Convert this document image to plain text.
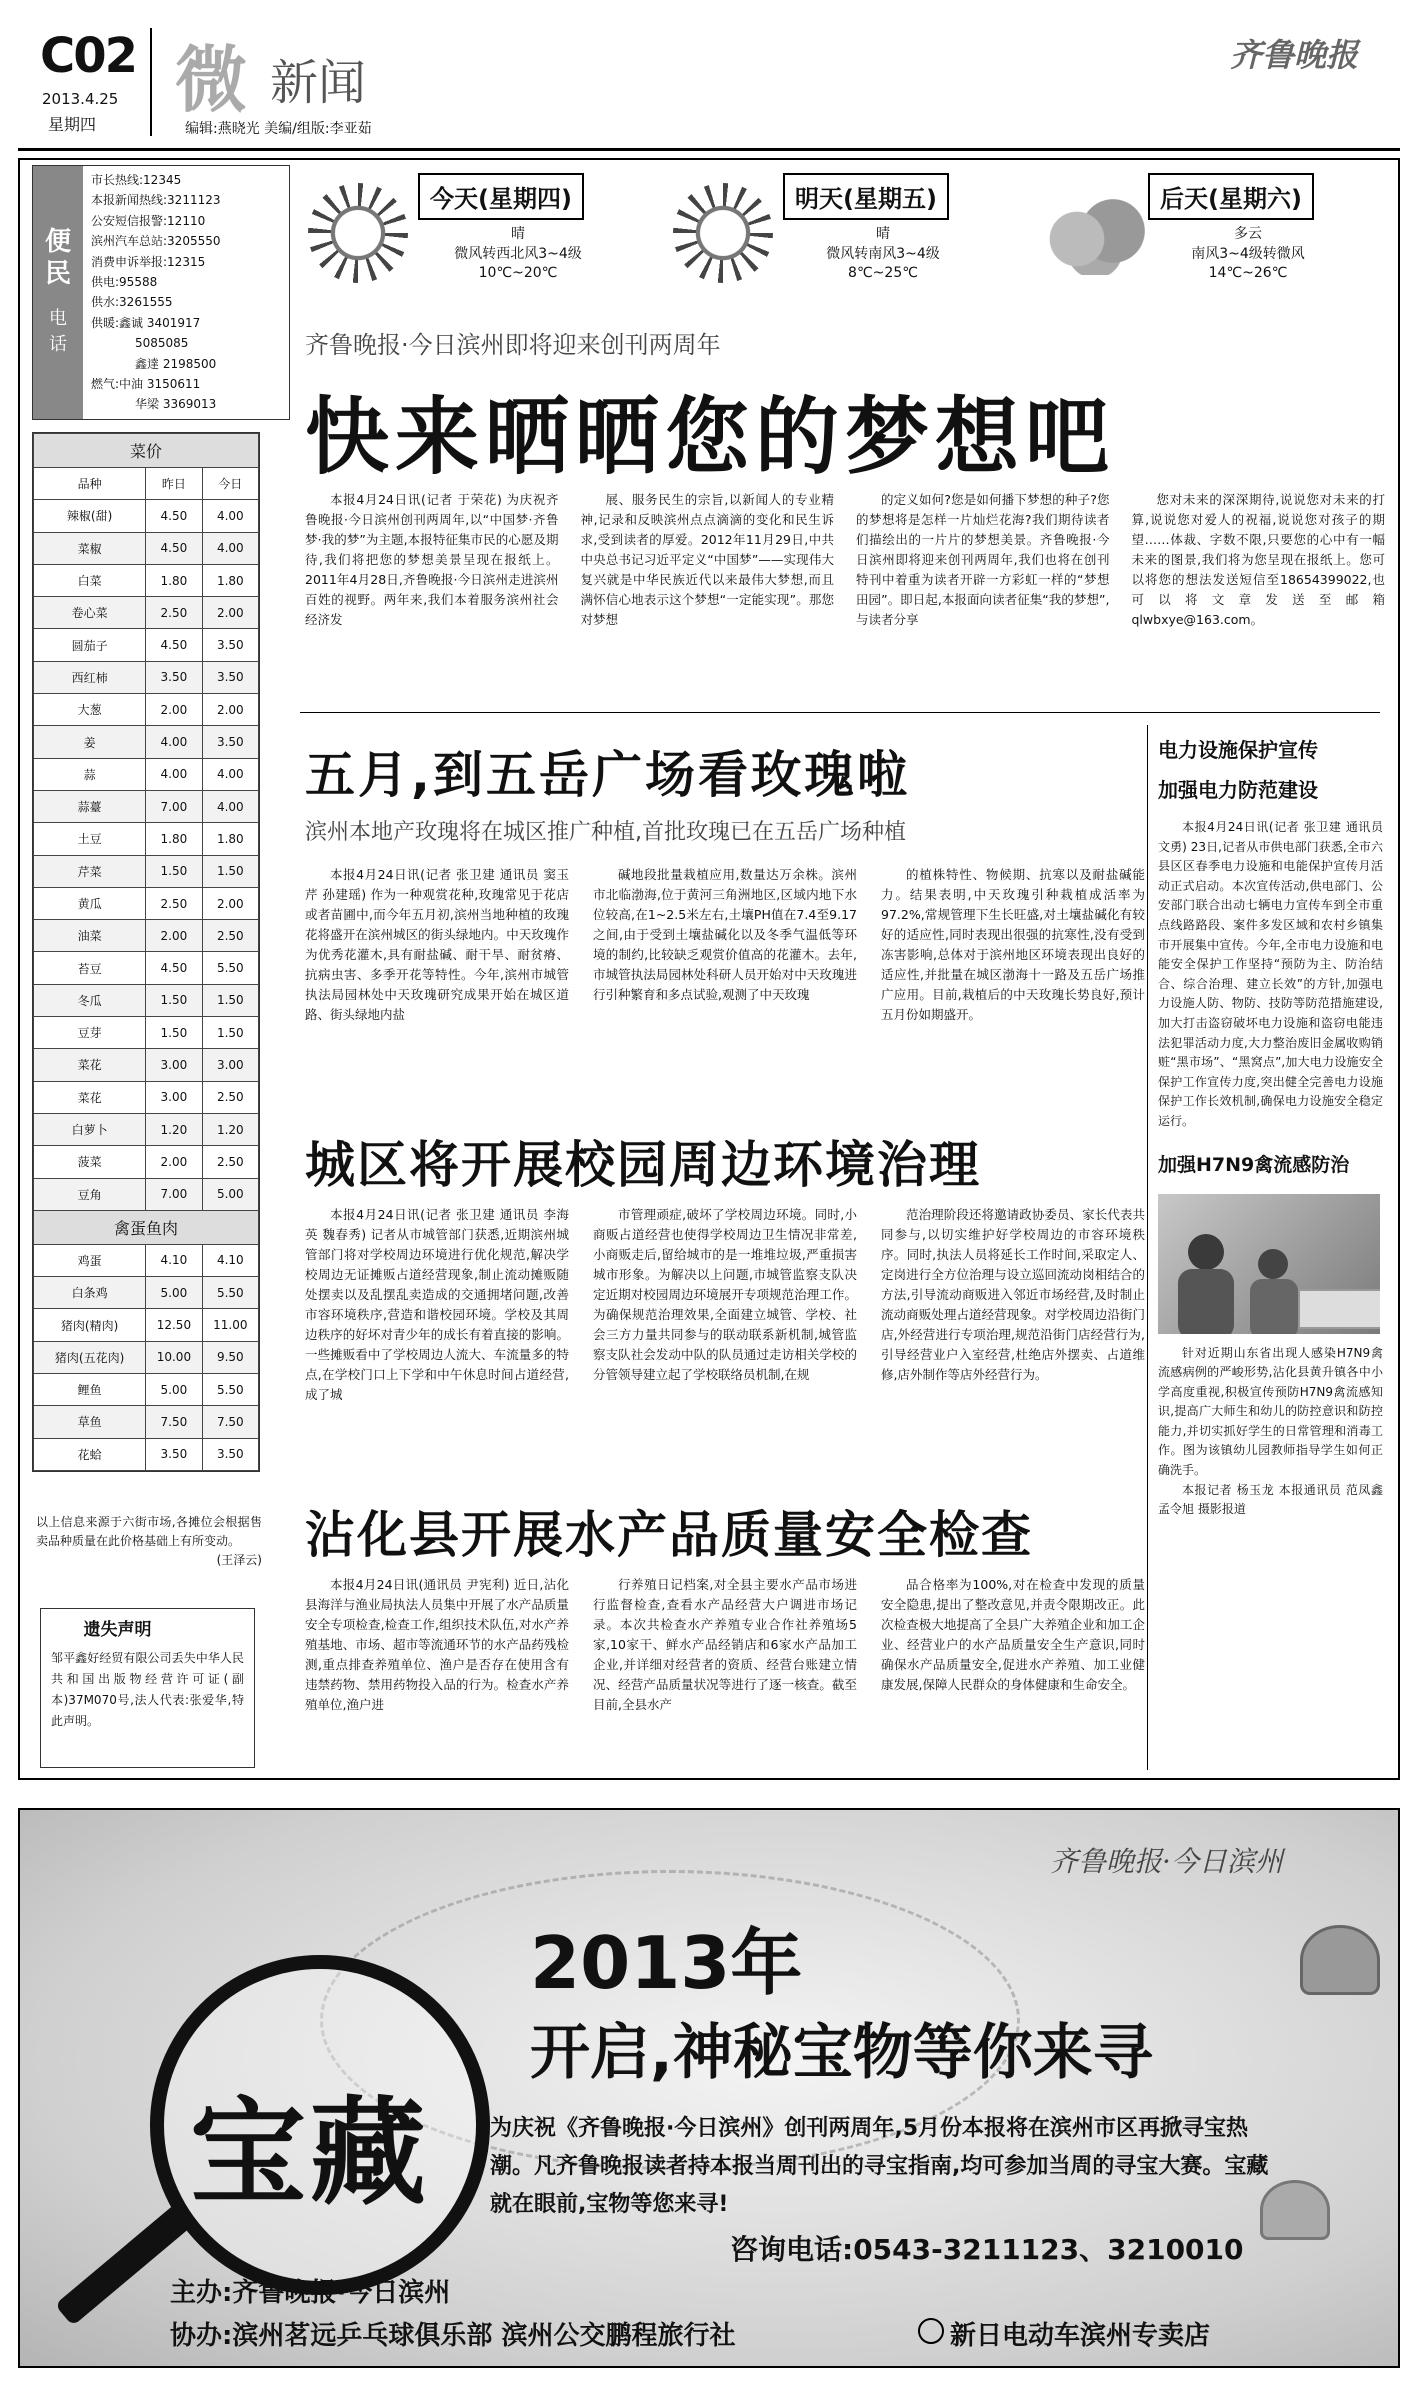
C02
2013.4.25
星期四
微 新闻
编辑:燕晓光 美编/组版:李亚茹
齐鲁晚报
便民
电话
市长热线:12345
本报新闻热线:3211123
公安短信报警:12110
滨州汽车总站:3205550
消费申诉举报:12315
供电:95588
供水:3261555
供暖:鑫诚 3401917
5085085
鑫達 2198500
燃气:中油 3150611
华梁 3369013
今天(星期四)
晴
微风转西北风3~4级
10℃~20℃
明天(星期五)
晴
微风转南风3~4级
8℃~25℃
后天(星期六)
多云
南风3~4级转微风
14℃~26℃
菜价		
品种	昨日	今日
辣椒(甜)	4.50	4.00
菜椒	4.50	4.00
白菜	1.80	1.80
卷心菜	2.50	2.00
圆茄子	4.50	3.50
西红柿	3.50	3.50
大葱	2.00	2.00
姜	4.00	3.50
蒜	4.00	4.00
蒜薹	7.00	4.00
土豆	1.80	1.80
芹菜	1.50	1.50
黄瓜	2.50	2.00
油菜	2.00	2.50
苔豆	4.50	5.50
冬瓜	1.50	1.50
豆芽	1.50	1.50
菜花	3.00	3.00
菜花	3.00	2.50
白萝卜	1.20	1.20
菠菜	2.00	2.50
豆角	7.00	5.00
禽蛋鱼肉		
鸡蛋	4.10	4.10
白条鸡	5.00	5.50
猪肉(精肉)	12.50	11.00
猪肉(五花肉)	10.00	9.50
鲤鱼	5.00	5.50
草鱼	7.50	7.50
花蛤	3.50	3.50
以上信息来源于六街市场,各摊位会根据售卖品种质量在此价格基础上有所变动。
(王泽云)
遗失声明
邹平鑫好经贸有限公司丢失中华人民共和国出版物经营许可证(副本)37M070号,法人代表:张爱华,特此声明。
齐鲁晚报·今日滨州即将迎来创刊两周年
快来晒晒您的梦想吧

本报4月24日讯(记者 于荣花) 为庆祝齐鲁晚报·今日滨州创刊两周年,以“中国梦·齐鲁梦·我的梦”为主题,本报特征集市民的心愿及期待,我们将把您的梦想美景呈现在报纸上。2011年4月28日,齐鲁晚报·今日滨州走进滨州百姓的视野。两年来,我们本着服务滨州社会经济发

展、服务民生的宗旨,以新闻人的专业精神,记录和反映滨州点点滴滴的变化和民生诉求,受到读者的厚爱。2012年11月29日,中共中央总书记习近平定义“中国梦”——实现伟大复兴就是中华民族近代以来最伟大梦想,而且满怀信心地表示这个梦想“一定能实现”。那您对梦想

的定义如何?您是如何播下梦想的种子?您的梦想将是怎样一片灿烂花海?我们期待读者们描绘出的一片片的梦想美景。齐鲁晚报·今日滨州即将迎来创刊两周年,我们也将在创刊特刊中着重为读者开辟一方彩虹一样的“梦想田园”。即日起,本报面向读者征集“我的梦想”,与读者分享

您对未来的深深期待,说说您对未来的打算,说说您对爱人的祝福,说说您对孩子的期望……体裁、字数不限,只要您的心中有一幅未来的图景,我们将为您呈现在报纸上。您可以将您的想法发送短信至18654399022,也可以将文章发送至邮箱qlwbxye@163.com。

五月,到五岳广场看玫瑰啦
滨州本地产玫瑰将在城区推广种植,首批玫瑰已在五岳广场种植

本报4月24日讯(记者 张卫建 通讯员 窦玉芹 孙建瑶) 作为一种观赏花种,玫瑰常见于花店或者苗圃中,而今年五月初,滨州当地种植的玫瑰花将盛开在滨州城区的街头绿地内。中天玫瑰作为优秀花灌木,具有耐盐碱、耐干旱、耐贫瘠、抗病虫害、多季开花等特性。今年,滨州市城管执法局园林处中天玫瑰研究成果开始在城区道路、街头绿地内盐

碱地段批量栽植应用,数量达万余株。滨州市北临渤海,位于黄河三角洲地区,区域内地下水位较高,在1~2.5米左右,土壤PH值在7.4至9.17之间,由于受到土壤盐碱化以及冬季气温低等环境的制约,比较缺乏观赏价值高的花灌木。去年,市城管执法局园林处科研人员开始对中天玫瑰进行引种繁育和多点试验,观测了中天玫瑰

的植株特性、物候期、抗寒以及耐盐碱能力。结果表明,中天玫瑰引种栽植成活率为97.2%,常规管理下生长旺盛,对土壤盐碱化有较好的适应性,同时表现出很强的抗寒性,没有受到冻害影响,总体对于滨州地区环境表现出良好的适应性,并批量在城区渤海十一路及五岳广场推广应用。目前,栽植后的中天玫瑰长势良好,预计五月份如期盛开。

城区将开展校园周边环境治理

本报4月24日讯(记者 张卫建 通讯员 李海英 魏春秀) 记者从市城管部门获悉,近期滨州城管部门将对学校周边环境进行优化规范,解决学校周边无证摊贩占道经营现象,制止流动摊贩随处摆卖以及乱摆乱卖造成的交通拥堵问题,改善市容环境秩序,营造和谐校园环境。学校及其周边秩序的好坏对青少年的成长有着直接的影响。一些摊贩看中了学校周边人流大、车流量多的特点,在学校门口上下学和中午休息时间占道经营,成了城

市管理顽症,破坏了学校周边环境。同时,小商贩占道经营也使得学校周边卫生情况非常差,小商贩走后,留给城市的是一堆堆垃圾,严重损害城市形象。为解决以上问题,市城管监察支队决定近期对校园周边环境展开专项规范治理工作。为确保规范治理效果,全面建立城管、学校、社会三方力量共同参与的联动联系新机制,城管监察支队社会发动中队的队员通过走访相关学校的分管领导建立起了学校联络员机制,在规

范治理阶段还将邀请政协委员、家长代表共同参与,以切实维护好学校周边的市容环境秩序。同时,执法人员将延长工作时间,采取定人、定岗进行全方位治理与设立巡回流动岗相结合的方法,引导流动商贩进入邻近市场经营,及时制止流动商贩处理占道经营现象。对学校周边沿街门店,外经营进行专项治理,规范沿街门店经营行为,引导经营业户入室经营,杜绝店外摆卖、占道维修,店外制作等店外经营行为。

沾化县开展水产品质量安全检查

本报4月24日讯(通讯员 尹宪利) 近日,沾化县海洋与渔业局执法人员集中开展了水产品质量安全专项检查,检查工作,组织技术队伍,对水产养殖基地、市场、超市等流通环节的水产品药残检测,重点排查养殖单位、渔户是否存在使用含有违禁药物、禁用药物投入品的行为。检查水产养殖单位,渔户进

行养殖日记档案,对全县主要水产品市场进行监督检查,查看水产品经营大户调进市场记录。本次共检查水产养殖专业合作社养殖场5家,10家干、鲜水产品经销店和6家水产品加工企业,并详细对经营者的资质、经营台账建立情况、经营产品质量状况等进行了逐一核查。截至目前,全县水产

品合格率为100%,对在检查中发现的质量安全隐患,提出了整改意见,并责令限期改正。此次检查极大地提高了全县广大养殖企业和加工企业、经营业户的水产品质量安全生产意识,同时确保水产品质量安全,促进水产养殖、加工业健康发展,保障人民群众的身体健康和生命安全。

电力设施保护宣传
加强电力防范建设

本报4月24日讯(记者 张卫建 通讯员 文勇) 23日,记者从市供电部门获悉,全市六县区区春季电力设施和电能保护宣传月活动正式启动。本次宣传活动,供电部门、公安部门联合出动七辆电力宣传车到全市重点线路路段、案件多发区域和农村乡镇集市开展集中宣传。今年,全市电力设施和电能安全保护工作坚持“预防为主、防治结合、综合治理、建立长效”的方针,加强电力设施人防、物防、技防等防范措施建设,加大打击盗窃破坏电力设施和盗窃电能违法犯罪活动力度,大力整治废旧金属收购销赃“黑市场”、“黑窝点”,加大电力设施安全保护工作宣传力度,突出健全完善电力设施保护工作长效机制,确保电力设施安全稳定运行。

加强H7N9禽流感防治

针对近期山东省出现人感染H7N9禽流感病例的严峻形势,沾化县黄升镇各中小学高度重视,积极宣传预防H7N9禽流感知识,提高广大师生和幼儿的防控意识和防控能力,并切实抓好学生的日常管理和消毒工作。图为该镇幼儿园教师指导学生如何正确洗手。

本报记者 杨玉龙 本报通讯员 范凤鑫 孟令旭 摄影报道

齐鲁晚报·今日滨州
宝藏
2013年
开启,神秘宝物等你来寻
为庆祝《齐鲁晚报·今日滨州》创刊两周年,5月份本报将在滨州市区再掀寻宝热潮。凡齐鲁晚报读者持本报当周刊出的寻宝指南,均可参加当周的寻宝大赛。宝藏就在眼前,宝物等您来寻!
咨询电话:0543-3211123、3210010
主办:齐鲁晚报·今日滨州
协办:滨州茗远乒乓球俱乐部 滨州公交鹏程旅行社	新日电动车滨州专卖店
